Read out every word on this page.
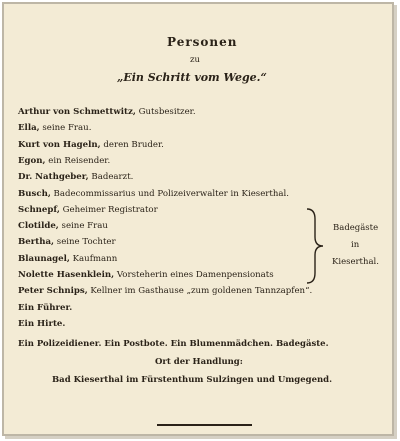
Personen
zu
„Ein Schritt vom Wege.“
Arthur von Schmettwitz, Gutsbesitzer.
Ella, seine Frau.
Kurt von Hageln, deren Bruder.
Egon, ein Reisender.
Dr. Nathgeber, Badearzt.
Busch, Badecommissarius und Polizeiverwalter in Kieserthal.
Schnepf, Geheimer Registrator
Clotilde, seine Frau
Bertha, seine Tochter
Blaunagel, Kaufmann
Nolette Hasenklein, Vorsteherin eines Damenpensionats
Peter Schnips, Kellner im Gasthause „zum goldenen Tannzapfen“.
Ein Führer.
Ein Hirte.
Badegäste
in
Kieserthal.
Ein Polizeidiener. Ein Postbote. Ein Blumenmädchen. Badegäste.
Ort der Handlung:
Bad Kieserthal im Fürstenthum Sulzingen und Umgegend.
